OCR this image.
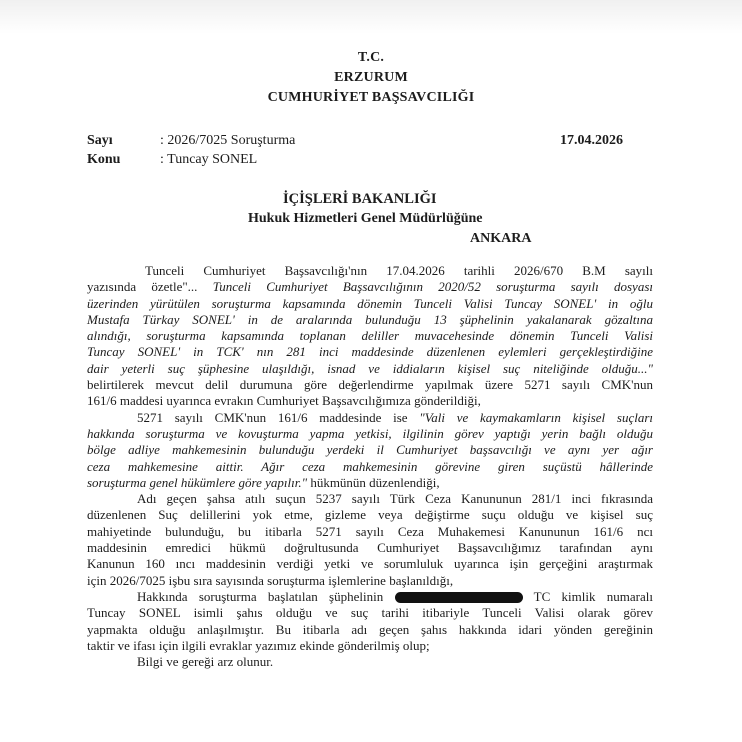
T.C.
ERZURUM
CUMHURİYET BAŞSAVCILIĞI
Sayı	: 2026/7025 Soruşturma	17.04.2026
Konu	: Tuncay SONEL
İÇİŞLERİ BAKANLIĞI
Hukuk Hizmetleri Genel Müdürlüğüne
ANKARA
Tunceli Cumhuriyet Başsavcılığı'nın 17.04.2026 tarihli 2026/670 B.M sayılı
yazısında özetle"... Tunceli Cumhuriyet Başsavcılığının 2020/52 soruşturma sayılı dosyası
üzerinden yürütülen soruşturma kapsamında dönemin Tunceli Valisi Tuncay SONEL' in oğlu
Mustafa Türkay SONEL' in de aralarında bulunduğu 13 şüphelinin yakalanarak gözaltına
alındığı, soruşturma kapsamında toplanan deliller muvacehesinde dönemin Tunceli Valisi
Tuncay SONEL' in TCK' nın 281 inci maddesinde düzenlenen eylemleri gerçekleştirdiğine
dair yeterli suç şüphesine ulaşıldığı, isnad ve iddiaların kişisel suç niteliğinde olduğu..."
belirtilerek mevcut delil durumuna göre değerlendirme yapılmak üzere 5271 sayılı CMK'nun
161/6 maddesi uyarınca evrakın Cumhuriyet Başsavcılığımıza gönderildiği,
5271 sayılı CMK'nun 161/6 maddesinde ise "Vali ve kaymakamların kişisel suçları
hakkında soruşturma ve kovuşturma yapma yetkisi, ilgilinin görev yaptığı yerin bağlı olduğu
bölge adliye mahkemesinin bulunduğu yerdeki il Cumhuriyet başsavcılığı ve aynı yer ağır
ceza mahkemesine aittir. Ağır ceza mahkemesinin görevine giren suçüstü hâllerinde
soruşturma genel hükümlere göre yapılır." hükmünün düzenlendiği,
Adı geçen şahsa atılı suçun 5237 sayılı Türk Ceza Kanununun 281/1 inci fıkrasında
düzenlenen Suç delillerini yok etme, gizleme veya değiştirme suçu olduğu ve kişisel suç
mahiyetinde bulunduğu, bu itibarla 5271 sayılı Ceza Muhakemesi Kanununun 161/6 ncı
maddesinin emredici hükmü doğrultusunda Cumhuriyet Başsavcılığımız tarafından aynı
Kanunun 160 ıncı maddesinin verdiği yetki ve sorumluluk uyarınca işin gerçeğini araştırmak
için 2026/7025 işbu sıra sayısında soruşturma işlemlerine başlanıldığı,
Hakkında soruşturma başlatılan şüphelinin	TC kimlik numaralı
Tuncay SONEL isimli şahıs olduğu ve suç tarihi itibariyle Tunceli Valisi olarak görev
yapmakta olduğu anlaşılmıştır. Bu itibarla adı geçen şahıs hakkında idari yönden gereğinin
taktir ve ifası için ilgili evraklar yazımız ekinde gönderilmiş olup;
Bilgi ve gereği arz olunur.
